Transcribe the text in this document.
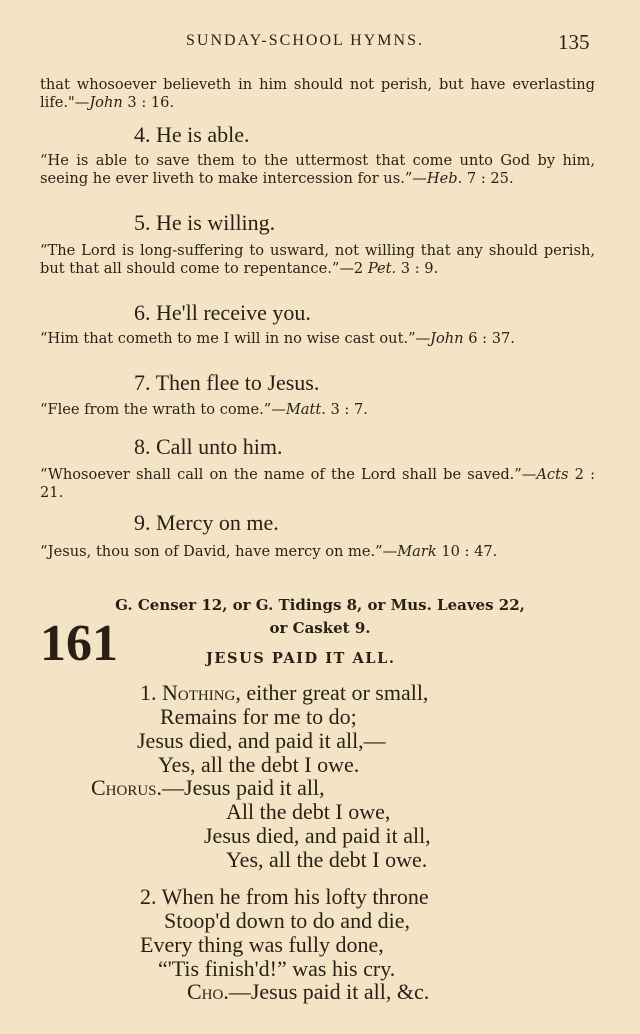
SUNDAY-SCHOOL HYMNS.	135
that whosoever believeth in him should not perish, but have everlasting life."—John 3 : 16.
4. He is able.
“He is able to save them to the uttermost that come unto God by him, seeing he ever liveth to make intercession for us.”—Heb. 7 : 25.
5. He is willing.
“The Lord is long-suffering to usward, not willing that any should perish, but that all should come to repentance.”—2 Pet. 3 : 9.
6. He'll receive you.
“Him that cometh to me I will in no wise cast out.”—John 6 : 37.
7. Then flee to Jesus.
“Flee from the wrath to come.”—Matt. 3 : 7.
8. Call unto him.
“Whosoever shall call on the name of the Lord shall be saved.”—Acts 2 : 21.
9. Mercy on me.
“Jesus, thou son of David, have mercy on me.”—Mark 10 : 47.
G. Censer 12, or G. Tidings 8, or Mus. Leaves 22,
or Casket 9.
161	JESUS PAID IT ALL.
1. Nothing, either great or small,
Remains for me to do;
Jesus died, and paid it all,—
Yes, all the debt I owe.
Chorus.—Jesus paid it all,
All the debt I owe,
Jesus died, and paid it all,
Yes, all the debt I owe.
2. When he from his lofty throne
Stoop'd down to do and die,
Every thing was fully done,
“'Tis finish'd!” was his cry.
Cho.—Jesus paid it all, &c.
